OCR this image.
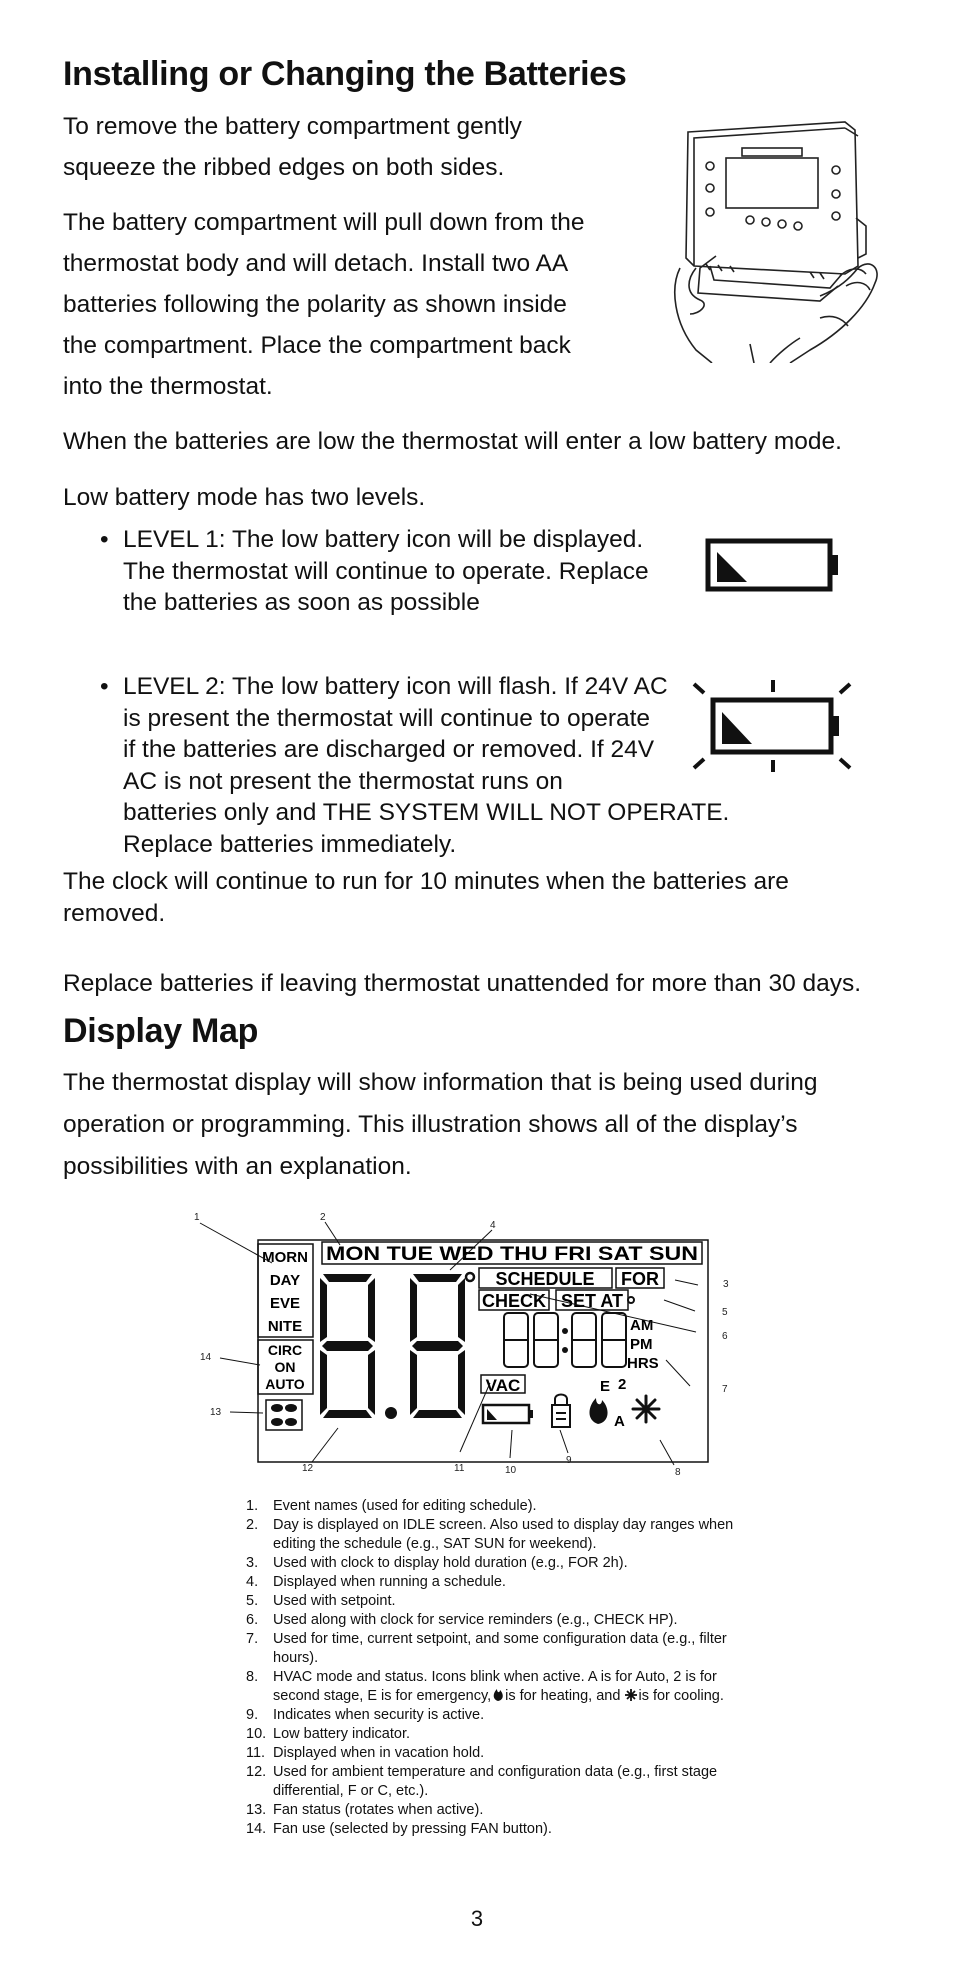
Installing or Changing the Batteries

To remove the battery compartment gently

squeeze the ribbed edges on both sides.

The battery compartment will pull down from the

thermostat body and will detach. Install two AA

batteries following the polarity as shown inside

the compartment. Place the compartment back

into the thermostat.

When the batteries are low the thermostat will enter a low battery mode.

Low battery mode has two levels.

• LEVEL 1: The low battery icon will be displayed.
The thermostat will continue to operate. Replace
the batteries as soon as possible
• LEVEL 2: The low battery icon will flash. If 24V AC
is present the thermostat will continue to operate
if the batteries are discharged or removed. If 24V
AC is not present the thermostat runs on
batteries only and THE SYSTEM WILL NOT OPERATE.
Replace batteries immediately.

The clock will continue to run for 10 minutes when the batteries are

removed.

Replace batteries if leaving thermostat unattended for more than 30 days.

Display Map

The thermostat display will show information that is being used during

operation or programming. This illustration shows all of the display’s

possibilities with an explanation.

MORN
DAY
EVE
NITE
MON TUE WED THU FRI SAT SUN
SCHEDULE FOR
CHECK SET AT
AM
PM
HRS
CIRC
ON
AUTO	VAC	E 2
A
1	2
4
3
5
6
7
8
9
10
11
12
13
14
1. Event names (used for editing schedule).
2. Day is displayed on IDLE screen. Also used to display day ranges when editing the schedule (e.g., SAT SUN for weekend).
3. Used with clock to display hold duration (e.g., FOR 2h).
4. Displayed when running a schedule.
5. Used with setpoint.
6. Used along with clock for service reminders (e.g., CHECK HP).
7. Used for time, current setpoint, and some configuration data (e.g., filter hours).
8. HVAC mode and status. Icons blink when active. A is for Auto, 2 is for second stage, E is for emergency, is for heating, and is for cooling.
9. Indicates when security is active.
10. Low battery indicator.
11. Displayed when in vacation hold.
12. Used for ambient temperature and configuration data (e.g., first stage differential, F or C, etc.).
13. Fan status (rotates when active).
14. Fan use (selected by pressing FAN button).
3
